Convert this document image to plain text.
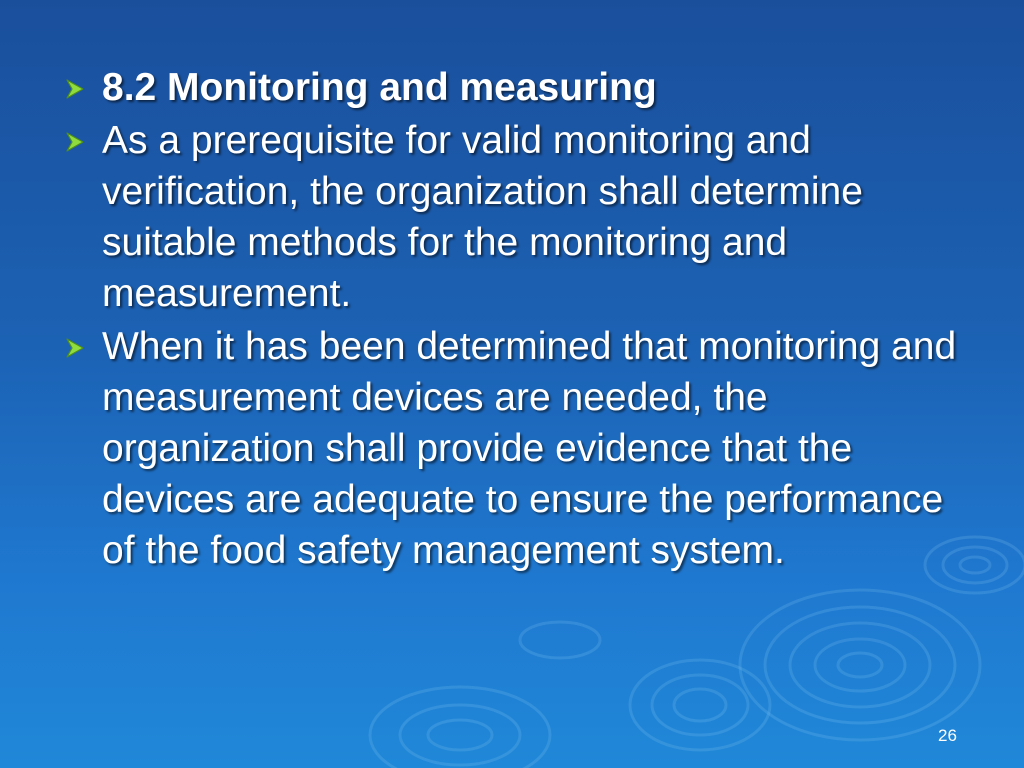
8.2 Monitoring and measuring
As a prerequisite for valid monitoring and verification, the organization shall determine suitable methods for the monitoring and measurement.
When it has been determined that monitoring and measurement devices are needed, the organization shall provide evidence that the devices are adequate to ensure the performance of the food safety management system.
26
